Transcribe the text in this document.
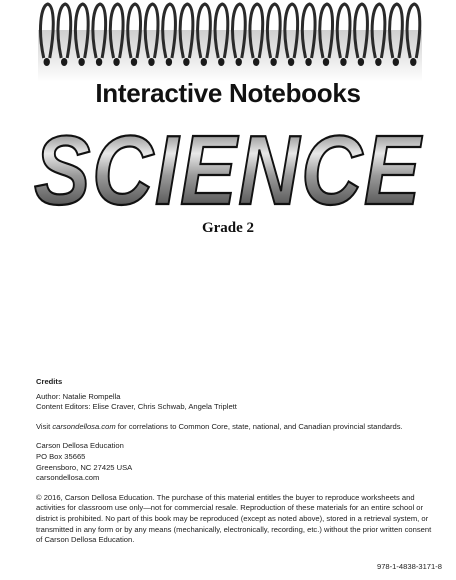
Interactive Notebooks
SCIENCE
Grade 2

Credits

Author: Natalie Rompella

Content Editors: Elise Craver, Chris Schwab, Angela Triplett

Visit carsondellosa.com for correlations to Common Core, state, national, and Canadian provincial standards.

Carson Dellosa Education

PO Box 35665

Greensboro, NC 27425 USA

carsondellosa.com

© 2016, Carson Dellosa Education. The purchase of this material entitles the buyer to reproduce worksheets and activities for classroom use only—not for commercial resale. Reproduction of these materials for an entire school or district is prohibited. No part of this book may be reproduced (except as noted above), stored in a retrieval system, or transmitted in any form or by any means (mechanically, electronically, recording, etc.) without the prior written consent of Carson Dellosa Education.

978-1-4838-3171-8
